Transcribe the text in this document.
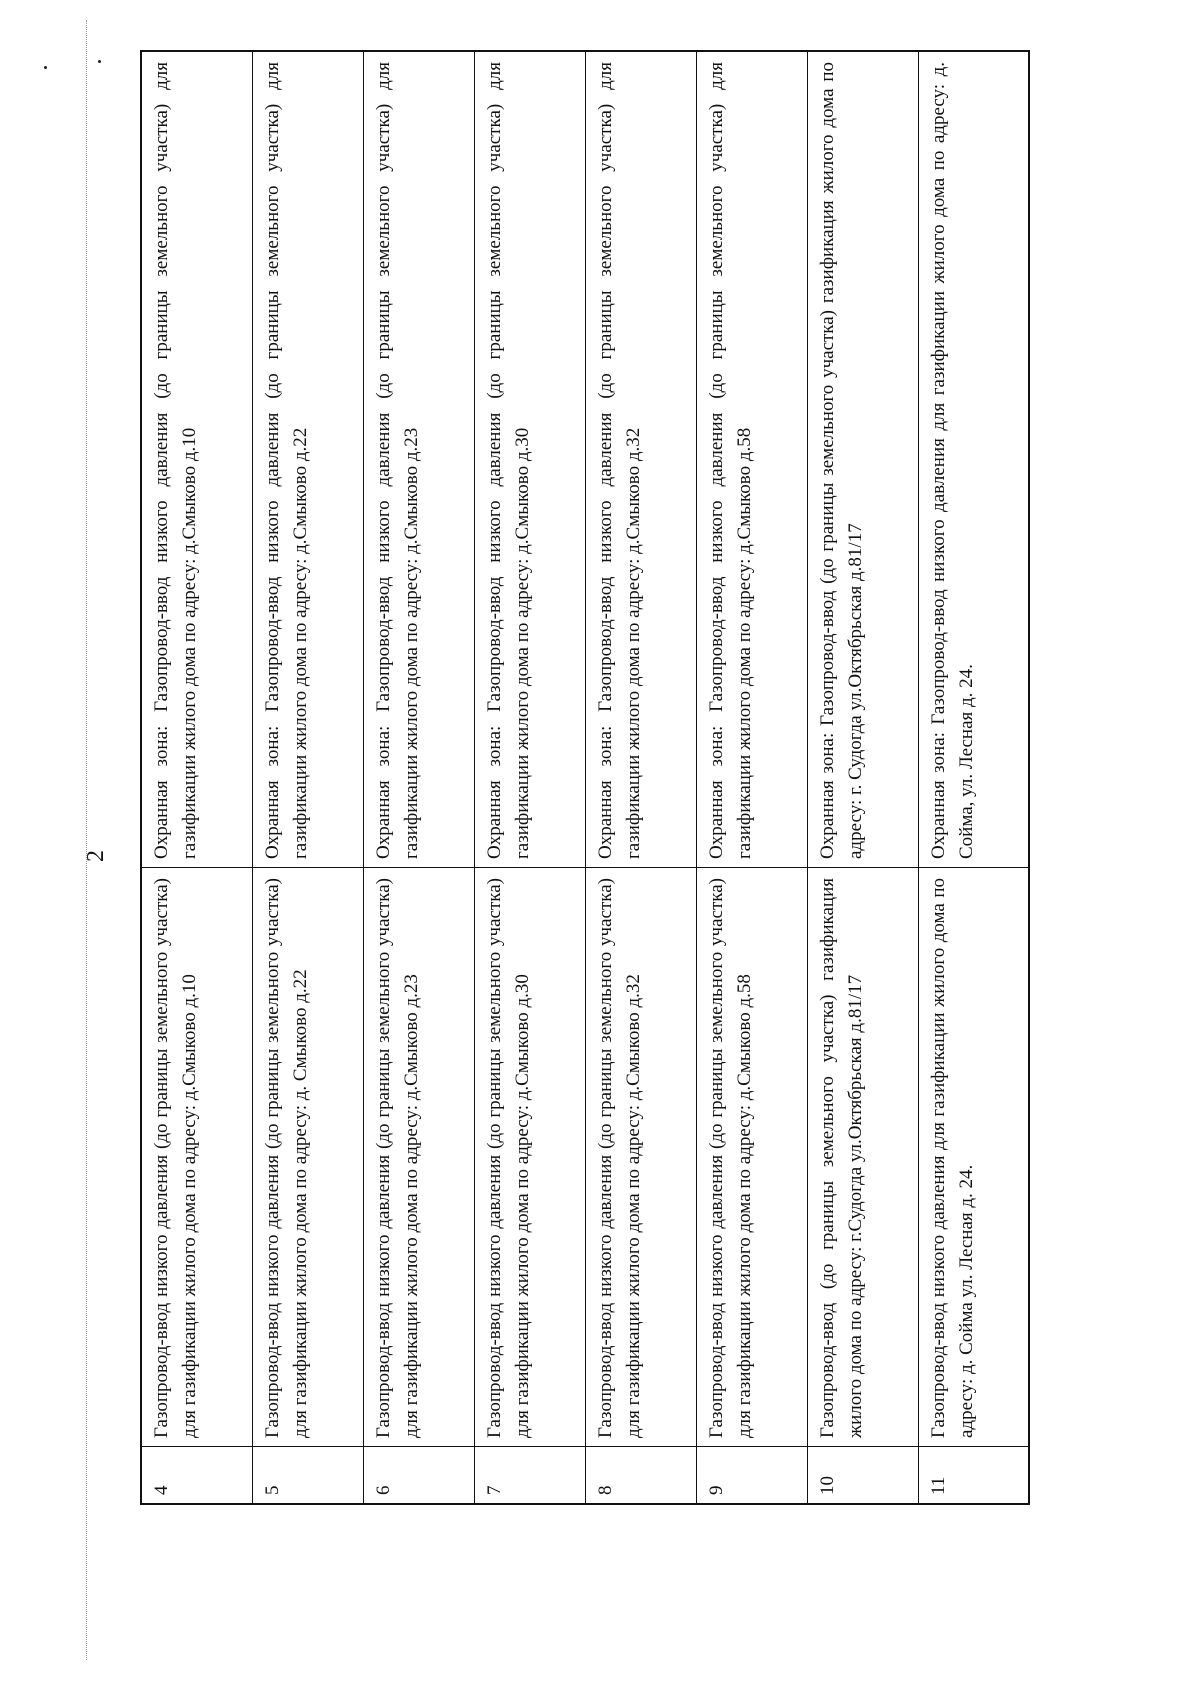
2
4	Газопровод-ввод низкого давления (до границы земельного участка) для газификации жилого дома по адресу: д.Смыково д.10	Охранная зона: Газопровод-ввод низкого давления (до границы земельного участка) для газификации жилого дома по адресу: д.Смыково д.10
5	Газопровод-ввод низкого давления (до границы земельного участка) для газификации жилого дома по адресу: д. Смыково д.22	Охранная зона: Газопровод-ввод низкого давления (до границы земельного участка) для газификации жилого дома по адресу: д.Смыково д.22
6	Газопровод-ввод низкого давления (до границы земельного участка) для газификации жилого дома по адресу: д.Смыково д.23	Охранная зона: Газопровод-ввод низкого давления (до границы земельного участка) для газификации жилого дома по адресу: д.Смыково д.23
7	Газопровод-ввод низкого давления (до границы земельного участка) для газификации жилого дома по адресу: д.Смыково д.30	Охранная зона: Газопровод-ввод низкого давления (до границы земельного участка) для газификации жилого дома по адресу: д.Смыково д.30
8	Газопровод-ввод низкого давления (до границы земельного участка) для газификации жилого дома по адресу: д.Смыково д.32	Охранная зона: Газопровод-ввод низкого давления (до границы земельного участка) для газификации жилого дома по адресу: д.Смыково д.32
9	Газопровод-ввод низкого давления (до границы земельного участка) для газификации жилого дома по адресу: д.Смыково д.58	Охранная зона: Газопровод-ввод низкого давления (до границы земельного участка) для газификации жилого дома по адресу: д.Смыково д.58
10	Газопровод-ввод (до границы земельного участка) газификация жилого дома по адресу: г.Судогда ул.Октябрьская д.81/17	Охранная зона: Газопровод-ввод (до границы земельного участка) газификация жилого дома по адресу: г. Судогда ул.Октябрьская д.81/17
11	Газопровод-ввод низкого давления для газификации жилого дома по адресу: д. Сойма ул. Лесная д. 24.	Охранная зона: Газопровод-ввод низкого давления для газификации жилого дома по адресу: д. Сойма, ул. Лесная д. 24.
